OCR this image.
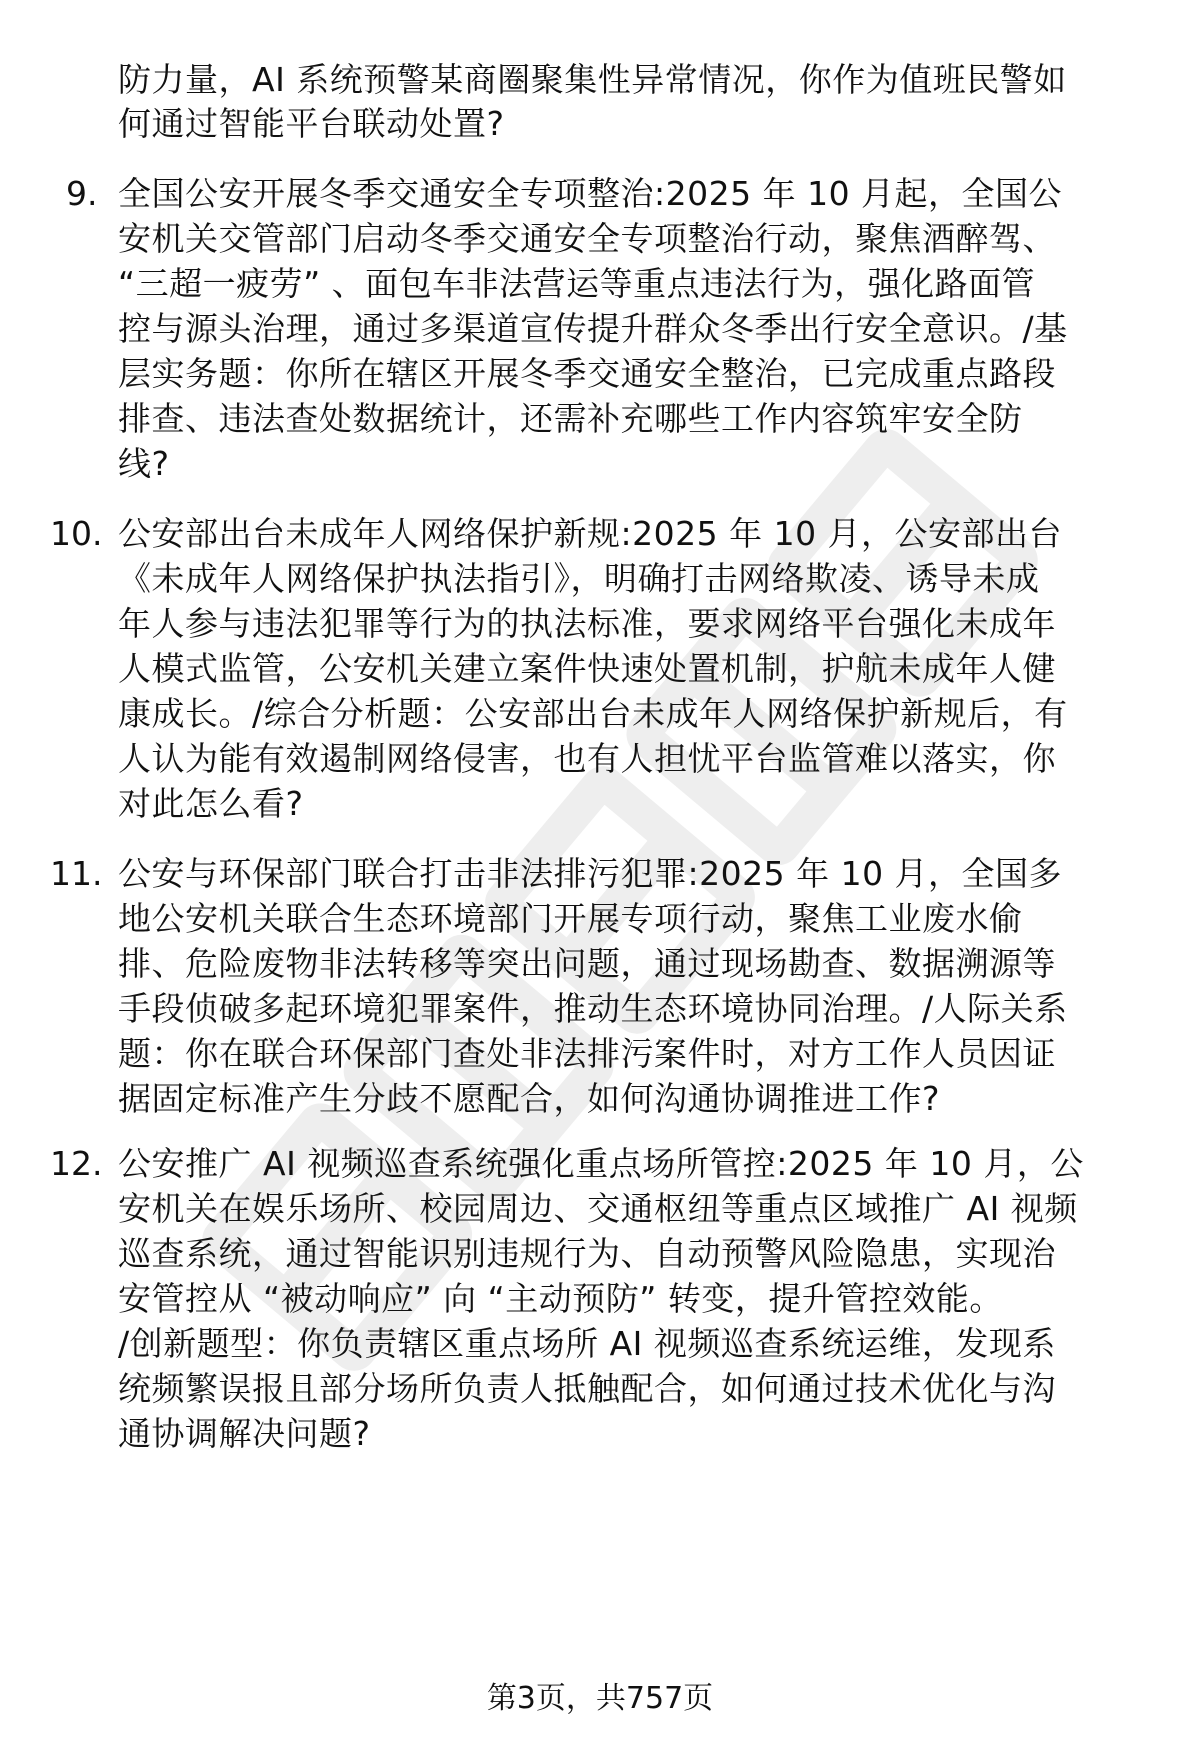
防力量，AI 系统预警某商圈聚集性异常情况，你作为值班民警如
何通过智能平台联动处置?
9. 全国公安开展冬季交通安全专项整治:2025 年 10 月起，全国公
安机关交管部门启动冬季交通安全专项整治行动，聚焦酒醉驾、
“三超一疲劳” 、面包车非法营运等重点违法行为，强化路面管
控与源头治理，通过多渠道宣传提升群众冬季出行安全意识。/基
层实务题：你所在辖区开展冬季交通安全整治，已完成重点路段
排查、违法查处数据统计，还需补充哪些工作内容筑牢安全防
线?
10. 公安部出台未成年人网络保护新规:2025 年 10 月，公安部出台
《未成年人网络保护执法指引》，明确打击网络欺凌、诱导未成
年人参与违法犯罪等行为的执法标准，要求网络平台强化未成年
人模式监管，公安机关建立案件快速处置机制，护航未成年人健
康成长。/综合分析题：公安部出台未成年人网络保护新规后，有
人认为能有效遏制网络侵害，也有人担忧平台监管难以落实，你
对此怎么看?
11. 公安与环保部门联合打击非法排污犯罪:2025 年 10 月，全国多
地公安机关联合生态环境部门开展专项行动，聚焦工业废水偷
排、危险废物非法转移等突出问题，通过现场勘查、数据溯源等
手段侦破多起环境犯罪案件，推动生态环境协同治理。/人际关系
题：你在联合环保部门查处非法排污案件时，对方工作人员因证
据固定标准产生分歧不愿配合，如何沟通协调推进工作?
12. 公安推广 AI 视频巡查系统强化重点场所管控:2025 年 10 月，公
安机关在娱乐场所、校园周边、交通枢纽等重点区域推广 AI 视频
巡查系统，通过智能识别违规行为、自动预警风险隐患，实现治
安管控从 “被动响应” 向 “主动预防” 转变，提升管控效能。
/创新题型：你负责辖区重点场所 AI 视频巡查系统运维，发现系
统频繁误报且部分场所负责人抵触配合，如何通过技术优化与沟
通协调解决问题?
第3页，共757页
